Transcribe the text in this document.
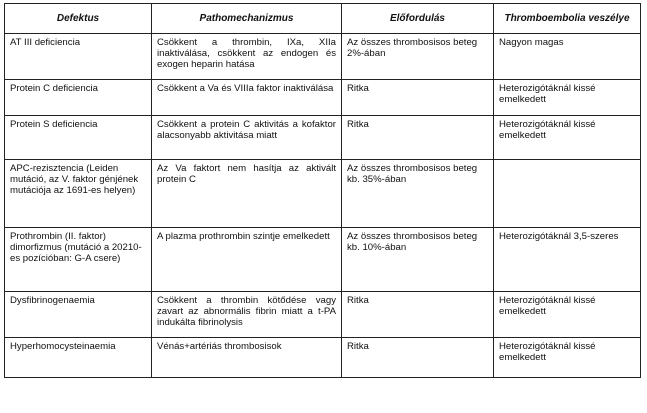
Defektus	Pathomechanizmus	Előfordulás	Thromboembolia veszélye
AT III deficiencia	Csökkent a thrombin, IXa, XIIa inaktiválása, csökkent az endogen és exogen heparin hatása	Az összes thrombosisos beteg 2%-ában	Nagyon magas
Protein C deficiencia	Csökkent a Va és VIIIa faktor inaktiválása	Ritka	Heterozigótáknál kissé emelkedett
Protein S deficiencia	Csökkent a protein C aktivitás a kofaktor alacsonyabb aktivitása miatt	Ritka	Heterozigótáknál kissé emelkedett
APC-rezisztencia (Leiden mutáció, az V. faktor génjének mutációja az 1691-es helyen)	Az Va faktort nem hasítja az aktivált protein C	Az összes thrombosisos beteg kb. 35%-ában	
Prothrombin (II. faktor) dimorfizmus (mutáció a 20210-es pozícióban: G-A csere)	A plazma prothrombin szintje emelkedett	Az összes thrombosisos beteg kb. 10%-ában	Heterozigótáknál 3,5-szeres
Dysfibrinogenaemia	Csökkent a thrombin kötődése vagy zavart az abnormális fibrin miatt a t-PA indukálta fibrinolysis	Ritka	Heterozigótáknál kissé emelkedett
Hyperhomocysteinaemia	Vénás+artériás thrombosisok	Ritka	Heterozigótáknál kissé emelkedett
